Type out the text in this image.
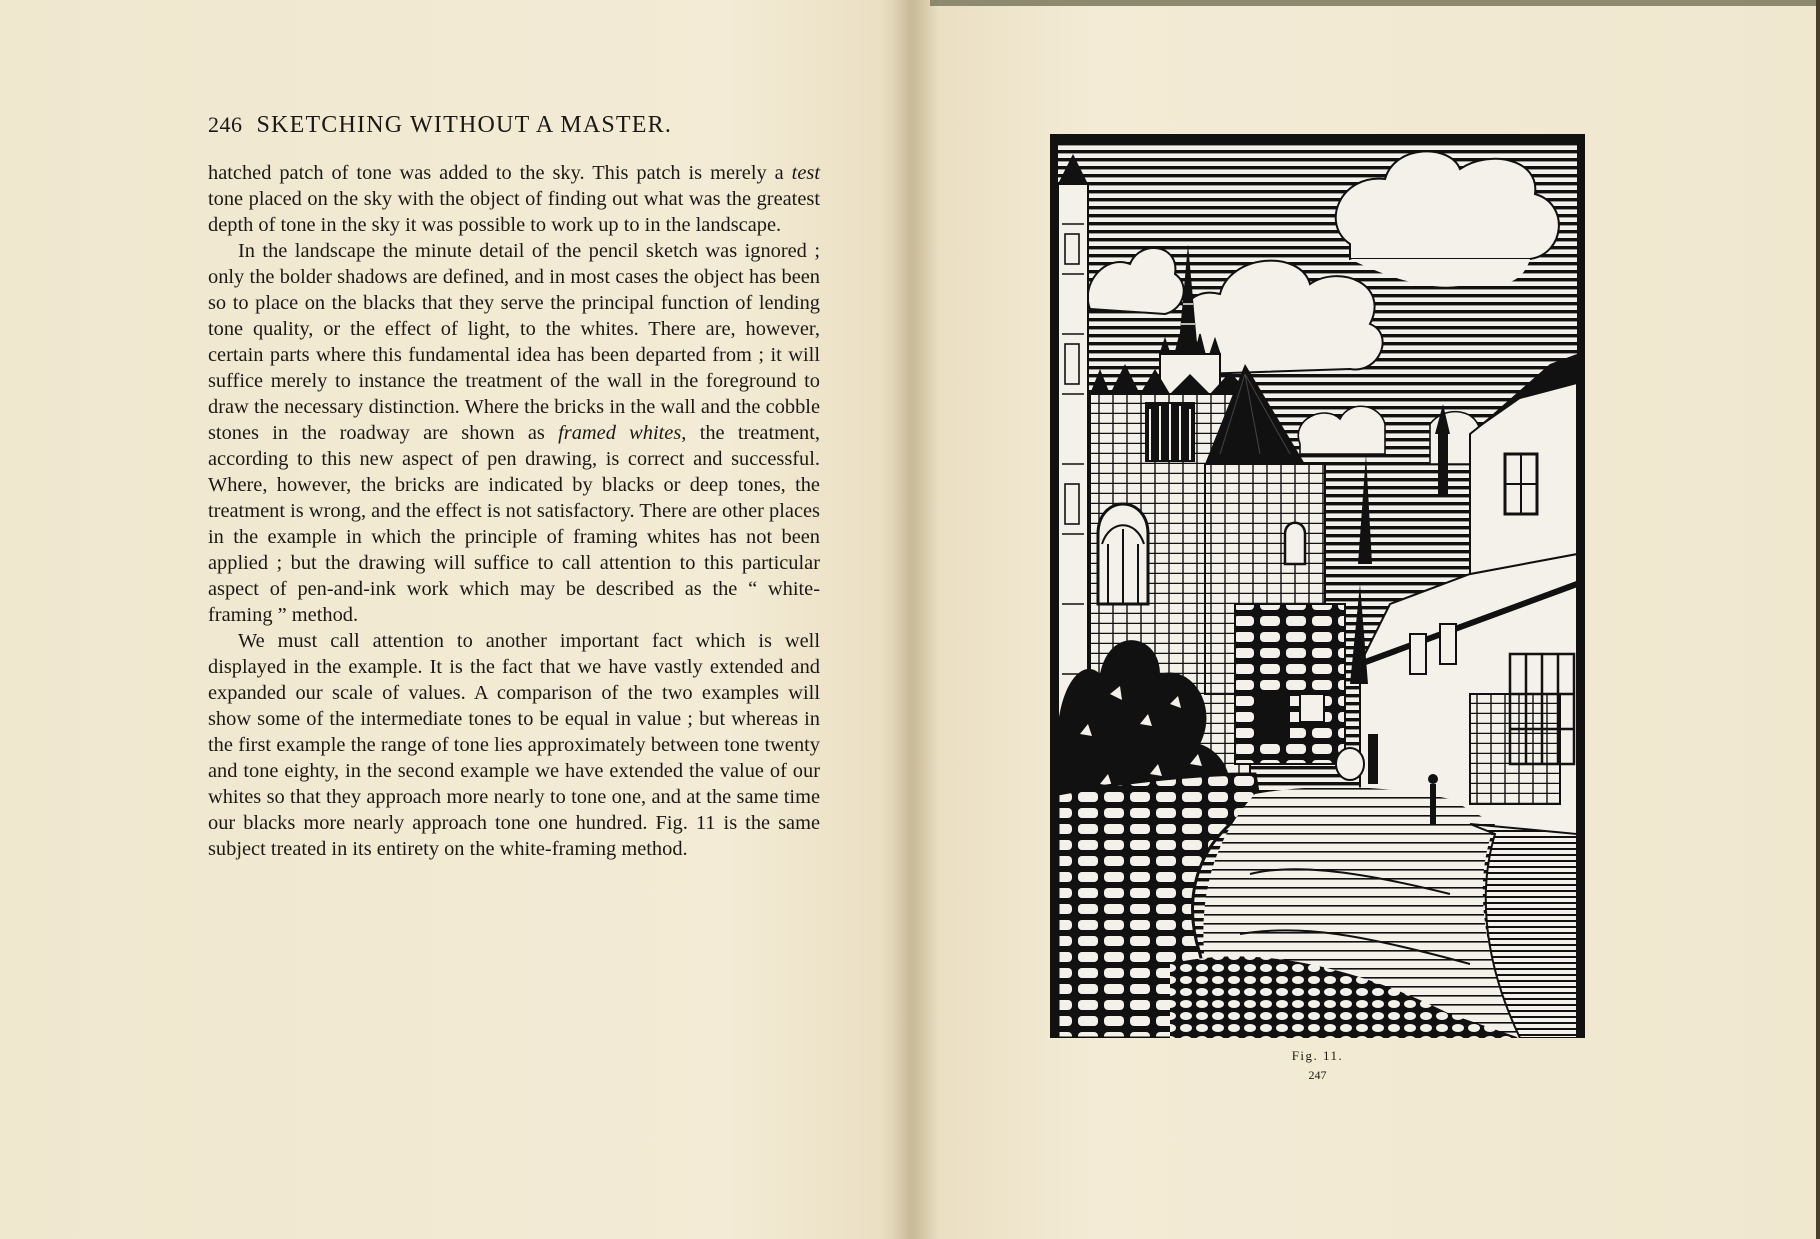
246 SKETCHING WITHOUT A MASTER.

hatched patch of tone was added to the sky. This patch is merely a test tone placed on the sky with the object of finding out what was the greatest depth of tone in the sky it was possible to work up to in the landscape.

In the landscape the minute detail of the pencil sketch was ignored ; only the bolder shadows are defined, and in most cases the object has been so to place on the blacks that they serve the principal function of lending tone quality, or the effect of light, to the whites. There are, however, certain parts where this fundamental idea has been departed from ; it will suffice merely to instance the treatment of the wall in the foreground to draw the necessary distinction. Where the bricks in the wall and the cobble stones in the roadway are shown as framed whites, the treatment, according to this new aspect of pen drawing, is correct and successful. Where, however, the bricks are indicated by blacks or deep tones, the treatment is wrong, and the effect is not satisfactory. There are other places in the example in which the principle of framing whites has not been applied ; but the drawing will suffice to call attention to this particular aspect of pen-and-ink work which may be described as the “ white-framing ” method.

We must call attention to another important fact which is well displayed in the example. It is the fact that we have vastly extended and expanded our scale of values. A comparison of the two examples will show some of the intermediate tones to be equal in value ; but whereas in the first example the range of tone lies approximately between tone twenty and tone eighty, in the second example we have extended the value of our whites so that they approach more nearly to tone one, and at the same time our blacks more nearly approach tone one hundred. Fig. 11 is the same subject treated in its entirety on the white-framing method.

Fig. 11.
247
